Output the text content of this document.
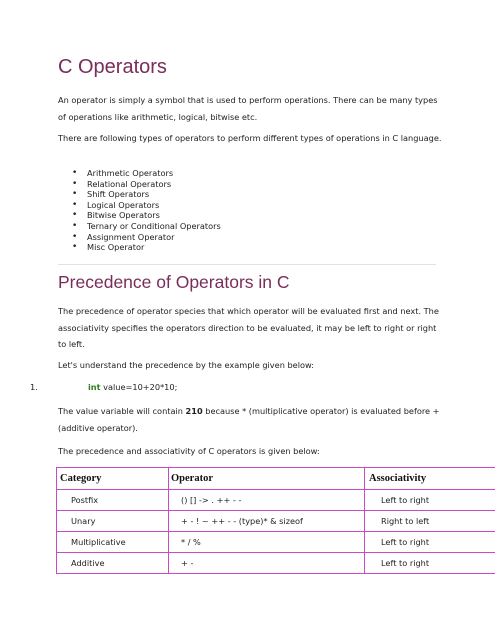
C Operators

An operator is simply a symbol that is used to perform operations. There can be many types of operations like arithmetic, logical, bitwise etc.

There are following types of operators to perform different types of operations in C language.

• Arithmetic Operators
• Relational Operators
• Shift Operators
• Logical Operators
• Bitwise Operators
• Ternary or Conditional Operators
• Assignment Operator
• Misc Operator
Precedence of Operators in C

The precedence of operator species that which operator will be evaluated first and next. The associativity specifies the operators direction to be evaluated, it may be left to right or right to left.

Let's understand the precedence by the example given below:

1.	int value=10+20*10;

The value variable will contain 210 because * (multiplicative operator) is evaluated before + (additive operator).

The precedence and associativity of C operators is given below:

Category	Operator	Associativity
Postfix	() [] -> . ++ - -	Left to right
Unary	+ - ! ~ ++ - - (type)* & sizeof	Right to left
Multiplicative	* / %	Left to right
Additive	+ -	Left to right
